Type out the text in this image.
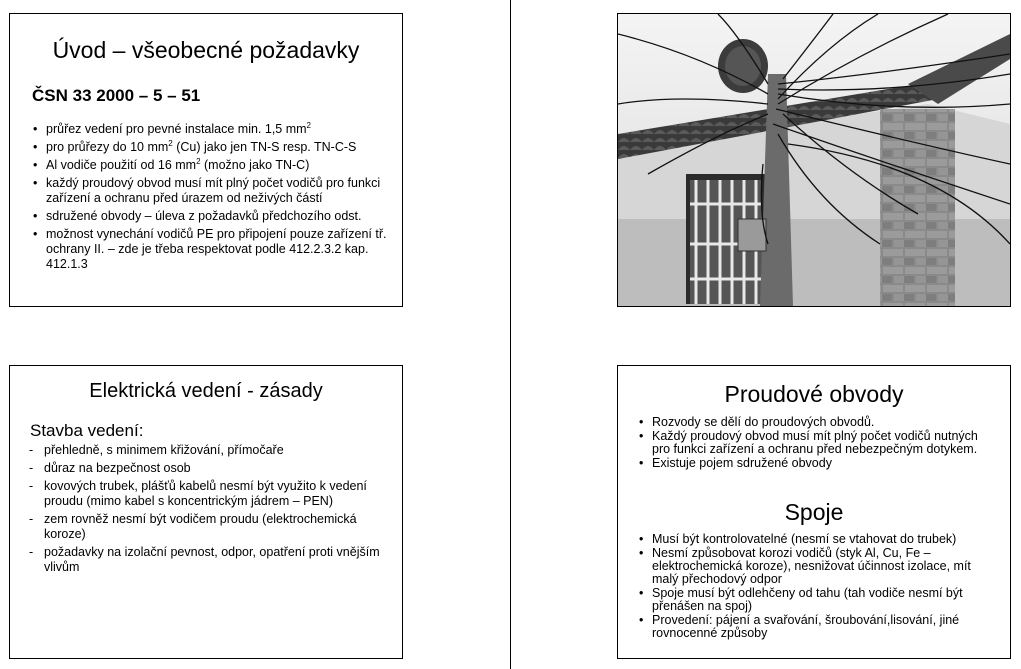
Úvod – všeobecné požadavky
ČSN 33 2000 – 5 – 51
• průřez vedení pro pevné instalace min. 1,5 $mm^2$
• pro průřezy do 10 $mm^2$ (Cu) jako jen TN-S resp. TN-C-S
• Al vodiče použití od 16 $mm^2$ (možno jako TN-C)
• každý proudový obvod musí mít plný počet vodičů pro funkci zařízení a ochranu před úrazem od neživých částí
• sdružené obvody – úleva z požadavků předchozího odst.
• možnost vynechání vodičů PE pro připojení pouze zařízení tř. ochrany II. – zde je třeba respektovat podle 412.2.3.2 kap. 412.1.3
Elektrická vedení - zásady

Stavba vedení:

- přehledně, s minimem křižování, přímočaře
- důraz na bezpečnost osob
- kovových trubek, plášťů kabelů nesmí být využito k vedení proudu (mimo kabel s koncentrickým jádrem – PEN)
- zem rovněž nesmí být vodičem proudu (elektrochemická koroze)
- požadavky na izolační pevnost, odpor, opatření proti vnějším vlivům
Proudové obvody
• Rozvody se dělí do proudových obvodů.
• Každý proudový obvod musí mít plný počet vodičů nutných pro funkci zařízení a ochranu před nebezpečným dotykem.
• Existuje pojem sdružené obvody
Spoje
• Musí být kontrolovatelné (nesmí se vtahovat do trubek)
• Nesmí způsobovat korozi vodičů (styk Al, Cu, Fe – elektrochemická koroze), nesnižovat účinnost izolace, mít malý přechodový odpor
• Spoje musí být odlehčeny od tahu (tah vodiče nesmí být přenášen na spoj)
• Provedení: pájení a svařování, šroubování,lisování, jiné rovnocenné způsoby
